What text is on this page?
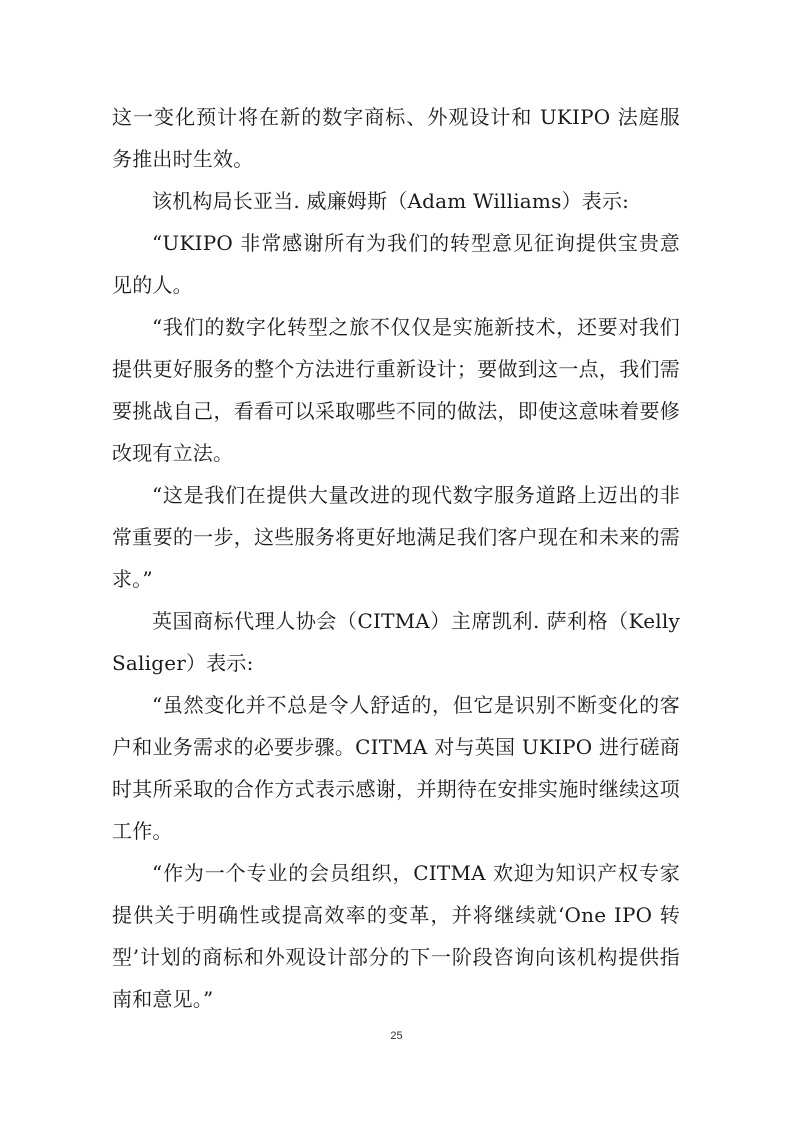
这一变化预计将在新的数字商标、外观设计和 UKIPO 法庭服务推出时生效。

该机构局长亚当. 威廉姆斯（Adam Williams）表示:

“UKIPO 非常感谢所有为我们的转型意见征询提供宝贵意见的人。

“我们的数字化转型之旅不仅仅是实施新技术，还要对我们提供更好服务的整个方法进行重新设计；要做到这一点，我们需要挑战自己，看看可以采取哪些不同的做法，即使这意味着要修改现有立法。

“这是我们在提供大量改进的现代数字服务道路上迈出的非常重要的一步，这些服务将更好地满足我们客户现在和未来的需求。”

英国商标代理人协会（CITMA）主席凯利. 萨利格（Kelly Saliger）表示:

“虽然变化并不总是令人舒适的，但它是识别不断变化的客户和业务需求的必要步骤。CITMA 对与英国 UKIPO 进行磋商时其所采取的合作方式表示感谢，并期待在安排实施时继续这项工作。

“作为一个专业的会员组织，CITMA 欢迎为知识产权专家提供关于明确性或提高效率的变革，并将继续就‘One IPO 转型’计划的商标和外观设计部分的下一阶段咨询向该机构提供指南和意见。”

25
